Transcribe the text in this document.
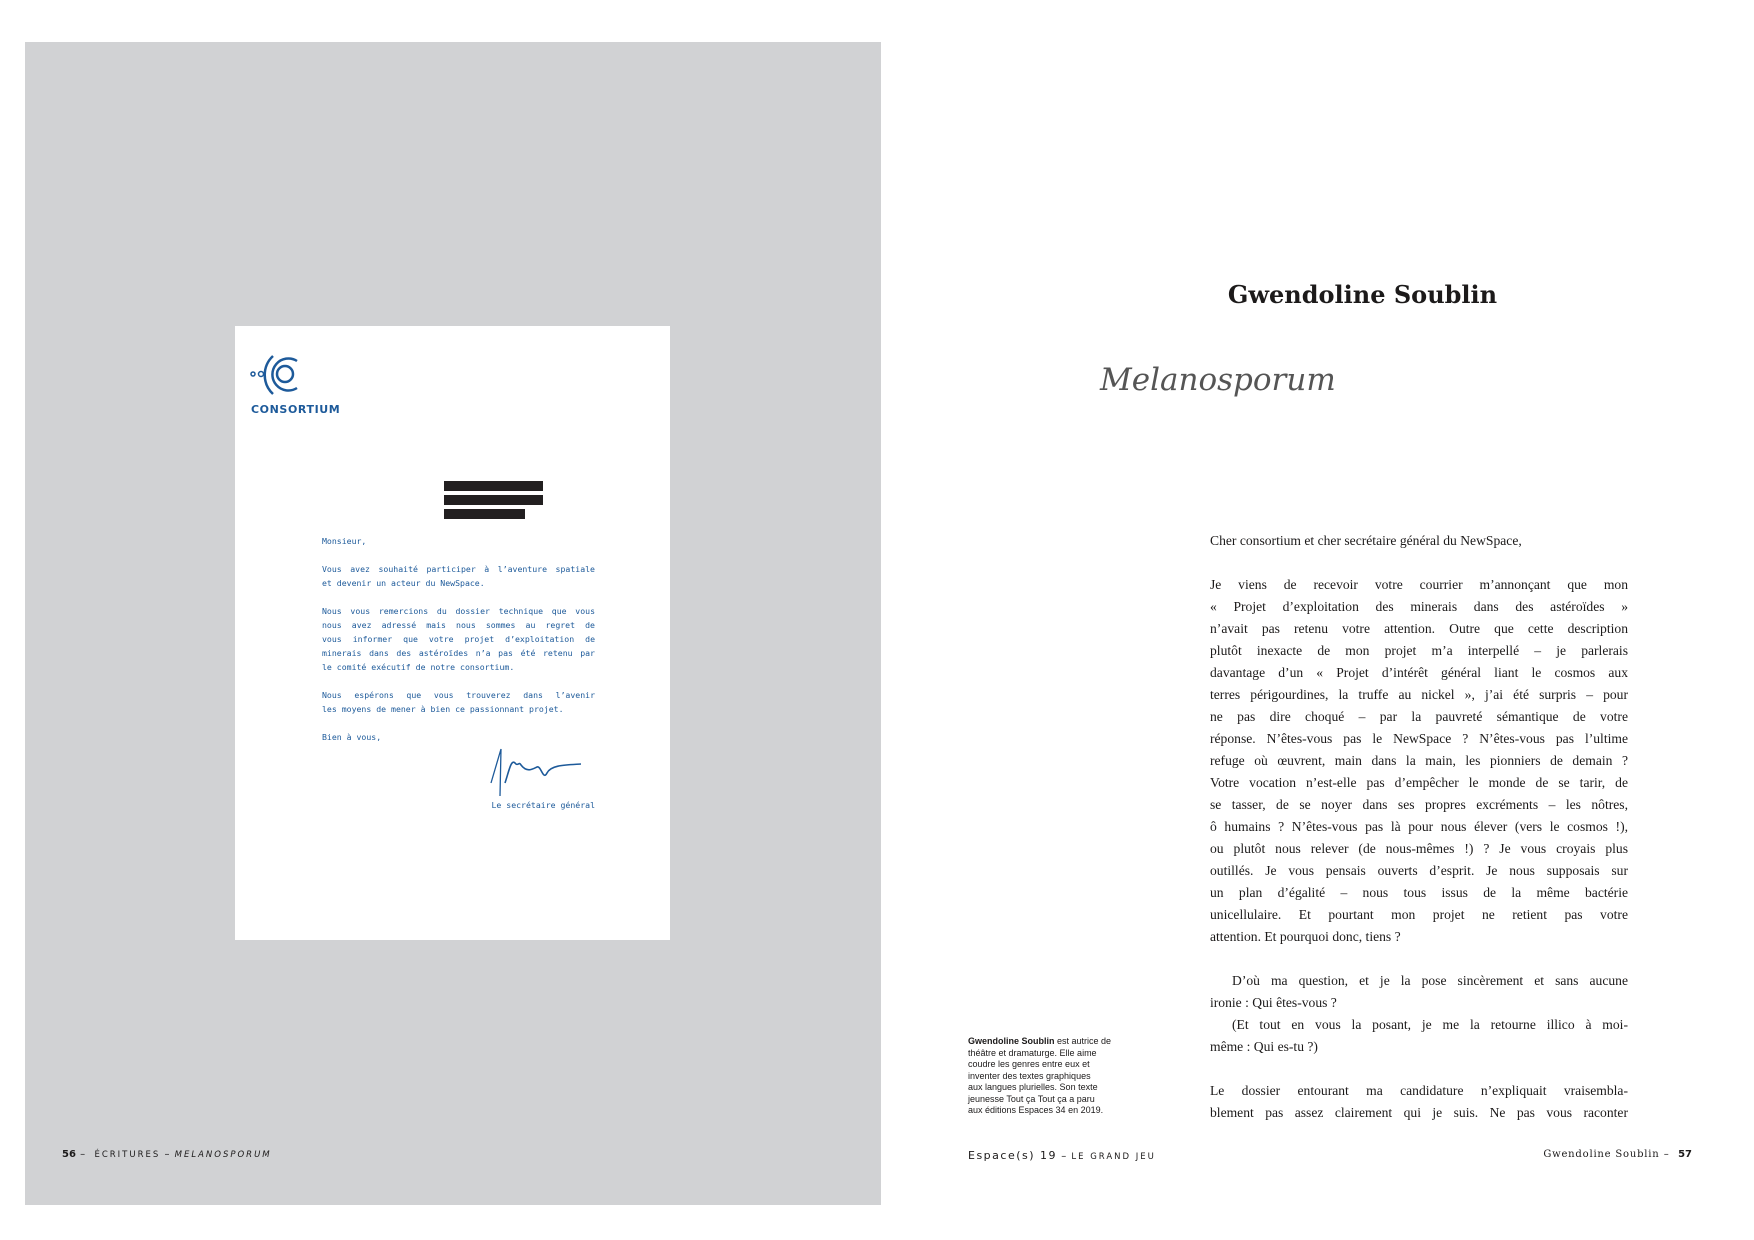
CONSORTIUM
Monsieur,
Vous avez souhaité participer à l’aventure spatiale
et devenir un acteur du NewSpace.
Nous vous remercions du dossier technique que vous
nous avez adressé mais nous sommes au regret de
vous informer que votre projet d’exploitation de
minerais dans des astéroïdes n’a pas été retenu par
le comité exécutif de notre consortium.
Nous espérons que vous trouverez dans l’avenir
les moyens de mener à bien ce passionnant projet.
Bien à vous,
Le secrétaire général
56 – ÉCRITURES – MELANOSPORUM
Gwendoline Soublin
Melanosporum
Cher consortium et cher secrétaire général du NewSpace,
Je viens de recevoir votre courrier m’annonçant que mon
« Projet d’exploitation des minerais dans des astéroïdes »
n’avait pas retenu votre attention. Outre que cette description
plutôt inexacte de mon projet m’a interpellé – je parlerais
davantage d’un « Projet d’intérêt général liant le cosmos aux
terres périgourdines, la truffe au nickel », j’ai été surpris – pour
ne pas dire choqué – par la pauvreté sémantique de votre
réponse. N’êtes-vous pas le NewSpace ? N’êtes-vous pas l’ultime
refuge où œuvrent, main dans la main, les pionniers de demain ?
Votre vocation n’est-elle pas d’empêcher le monde de se tarir, de
se tasser, de se noyer dans ses propres excréments – les nôtres,
ô humains ? N’êtes-vous pas là pour nous élever (vers le cosmos !),
ou plutôt nous relever (de nous-mêmes !) ? Je vous croyais plus
outillés. Je vous pensais ouverts d’esprit. Je nous supposais sur
un plan d’égalité – nous tous issus de la même bactérie
unicellulaire. Et pourtant mon projet ne retient pas votre
attention. Et pourquoi donc, tiens ?
D’où ma question, et je la pose sincèrement et sans aucune
ironie : Qui êtes-vous ?
(Et tout en vous la posant, je me la retourne illico à moi-
même : Qui es-tu ?)
Le dossier entourant ma candidature n’expliquait vraisembla-
blement pas assez clairement qui je suis. Ne pas vous raconter
Gwendoline Soublin est autrice de
théâtre et dramaturge. Elle aime
coudre les genres entre eux et
inventer des textes graphiques
aux langues plurielles. Son texte
jeunesse Tout ça Tout ça a paru
aux éditions Espaces 34 en 2019.
Espace(s) 19 – LE GRAND JEU	Gwendoline Soublin – 57
